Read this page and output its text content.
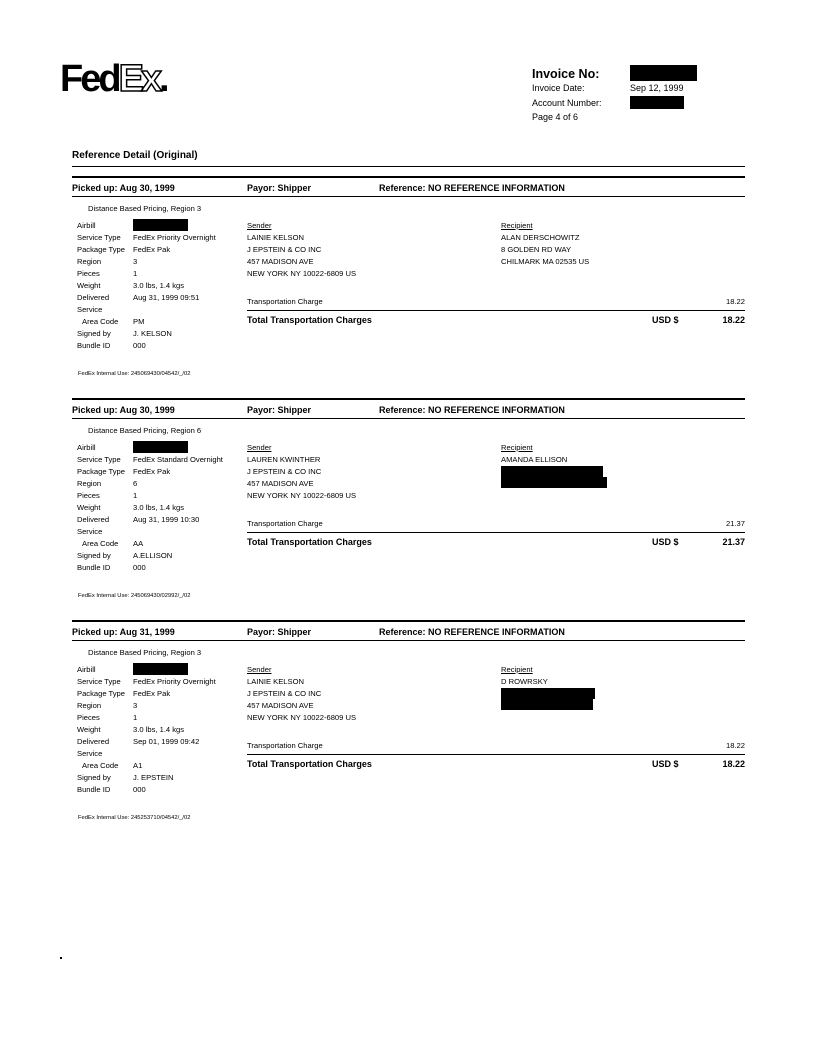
FedEx.	Invoice No:
Invoice Date:	Sep 12, 1999
Account Number:
Page 4 of 6
Reference Detail (Original)
Picked up: Aug 30, 1999	Payor: Shipper	Reference: NO REFERENCE INFORMATION
Distance Based Pricing, Region 3
Airbill
Service Type FedEx Priority Overnight
Package Type FedEx Pak
Region	3
Pieces	1
Weight	3.0 lbs, 1.4 kgs
Delivered	Aug 31, 1999 09:51
Service
Area Code PM
Signed by	J. KELSON
Bundle ID	000
Sender
LAINIE KELSON
J EPSTEIN & CO INC
457 MADISON AVE
NEW YORK NY 10022-6809 US
Recipient
ALAN DERSCHOWITZ
8 GOLDEN RD WAY
CHILMARK MA 02535 US
Transportation Charge	18.22
Total Transportation Charges	USD $	18.22
FedEx Internal Use: 245069430/04542/_/02
Picked up: Aug 30, 1999	Payor: Shipper	Reference: NO REFERENCE INFORMATION
Distance Based Pricing, Region 6
Airbill
Service Type FedEx Standard Overnight
Package Type FedEx Pak
Region	6
Pieces	1
Weight	3.0 lbs, 1.4 kgs
Delivered	Aug 31, 1999 10:30
Service
Area Code AA
Signed by	A.ELLISON
Bundle ID	000
Sender
LAUREN KWINTHER
J EPSTEIN & CO INC
457 MADISON AVE
NEW YORK NY 10022-6809 US
Recipient
AMANDA ELLISON
Transportation Charge	21.37
Total Transportation Charges	USD $	21.37
FedEx Internal Use: 245069430/02992/_/02
Picked up: Aug 31, 1999	Payor: Shipper	Reference: NO REFERENCE INFORMATION
Distance Based Pricing, Region 3
Airbill
Service Type FedEx Priority Overnight
Package Type FedEx Pak
Region	3
Pieces	1
Weight	3.0 lbs, 1.4 kgs
Delivered	Sep 01, 1999 09:42
Service
Area Code A1
Signed by	J. EPSTEIN
Bundle ID	000
Sender
LAINIE KELSON
J EPSTEIN & CO INC
457 MADISON AVE
NEW YORK NY 10022-6809 US
Recipient
D ROWRSKY
Transportation Charge	18.22
Total Transportation Charges	USD $	18.22
FedEx Internal Use: 245253710/04542/_/02
